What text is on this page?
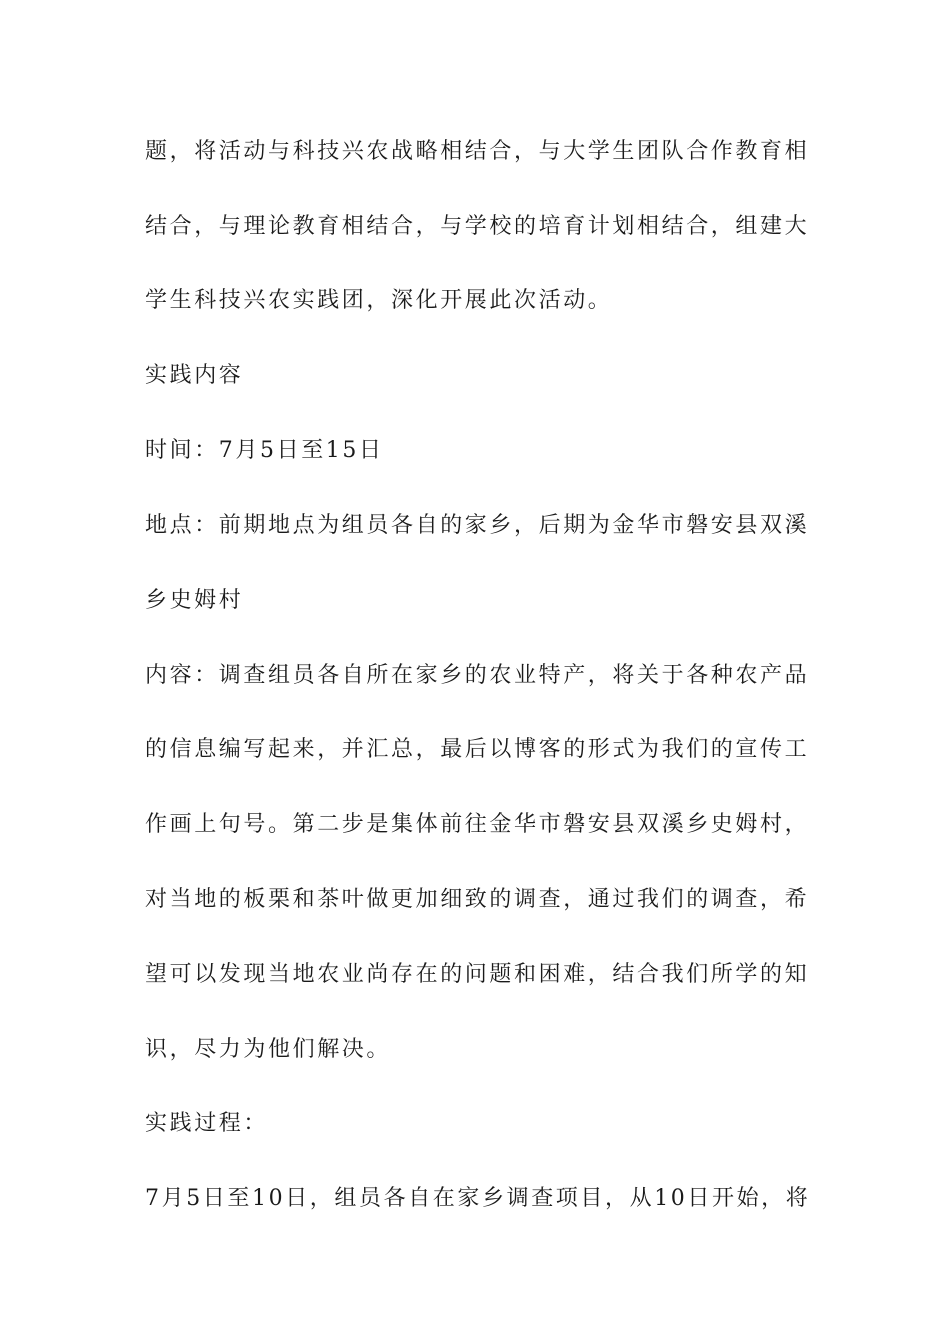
题，将活动与科技兴农战略相结合，与大学生团队合作教育相

结合，与理论教育相结合，与学校的培育计划相结合，组建大

学生科技兴农实践团，深化开展此次活动。

实践内容

时间：7月5日至15日

地点：前期地点为组员各自的家乡，后期为金华市磐安县双溪

乡史姆村

内容：调查组员各自所在家乡的农业特产，将关于各种农产品

的信息编写起来，并汇总，最后以博客的形式为我们的宣传工

作画上句号。第二步是集体前往金华市磐安县双溪乡史姆村，

对当地的板栗和茶叶做更加细致的调查，通过我们的调查，希

望可以发现当地农业尚存在的问题和困难，结合我们所学的知

识，尽力为他们解决。

实践过程：

7月5日至10日，组员各自在家乡调查项目，从10日开始，将
